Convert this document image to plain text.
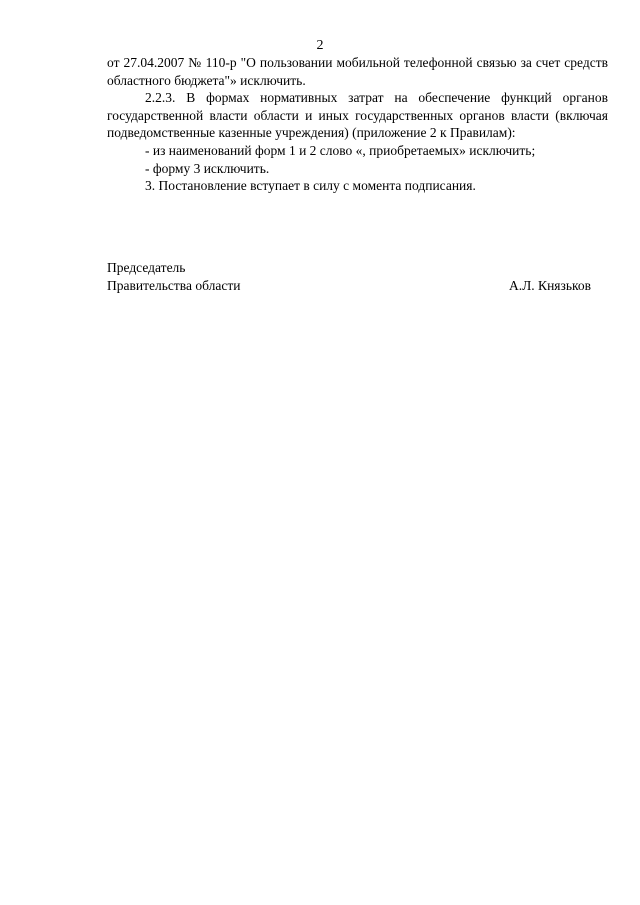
2

от 27.04.2007 № 110-р "О пользовании мобильной телефонной связью за счет средств областного бюджета"» исключить.

2.2.3. В формах нормативных затрат на обеспечение функций органов государственной власти области и иных государственных органов власти (включая подведомственные казенные учреждения) (приложение 2 к Правилам):

- из наименований форм 1 и 2 слово «, приобретаемых» исключить;

- форму 3 исключить.

3. Постановление вступает в силу с момента подписания.

Председатель
Правительства области	А.Л. Князьков
